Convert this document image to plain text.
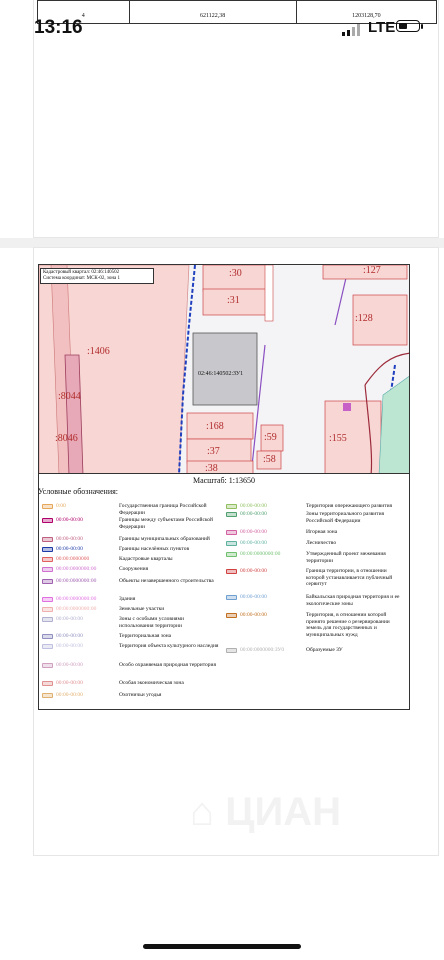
4	621122,38	1203128,70
13:16	LTE
:30
:31
:127
:128
:1406
:8044
:8046
02:46:140502:ЗУ1
:168
:37
:59
:58
:155
:38
Кадастровый квартал: 02:46:140502
Система координат: МСК-02, зона 1
Масштаб: 1:13650
Условные обозначения:
0:00	Государственная граница Российской Федерации
00:00-00:00	Границы между субъектами Российской Федерации
00:00-00:00	Границы муниципальных образований
00:00-00:00	Границы населённых пунктов
00:00:0000000	Кадастровые кварталы
00:00:0000000:00	Сооружения
00:00:0000000:00	Объекты незавершенного строительства
00:00:0000000:00	Здания
00:00:0000000:00	Земельные участки
00:00-00:00	Зоны с особыми условиями использования территории
00:00-00:00	Территориальная зона
00:00-00:00	Территория объекта культурного наследия
00:00-00:00	Особо охраняемая природная территория
00:00-00:00	Особая экономическая зона
00:00-00:00	Охотничьи угодья
00:00-00:00	Территория опережающего развития
00:00-00:00	Зоны территориального развития Российской Федерации
00:00-00:00	Игорная зона
00:00-00:00	Лесничество
00:00:0000000:00	Утвержденный проект межевания территории
00:00-00:00	Граница территории, в отношении которой устанавливается публичный сервитут
00:00-00:00	Байкальская природная территория и ее экологические зоны
00:00-00:00	Территория, в отношении которой принято решение о резервировании земель для государственных и муниципальных нужд
00:00:0000000:ЗУ0	Образуемые ЗУ
⌂ ЦИАН
